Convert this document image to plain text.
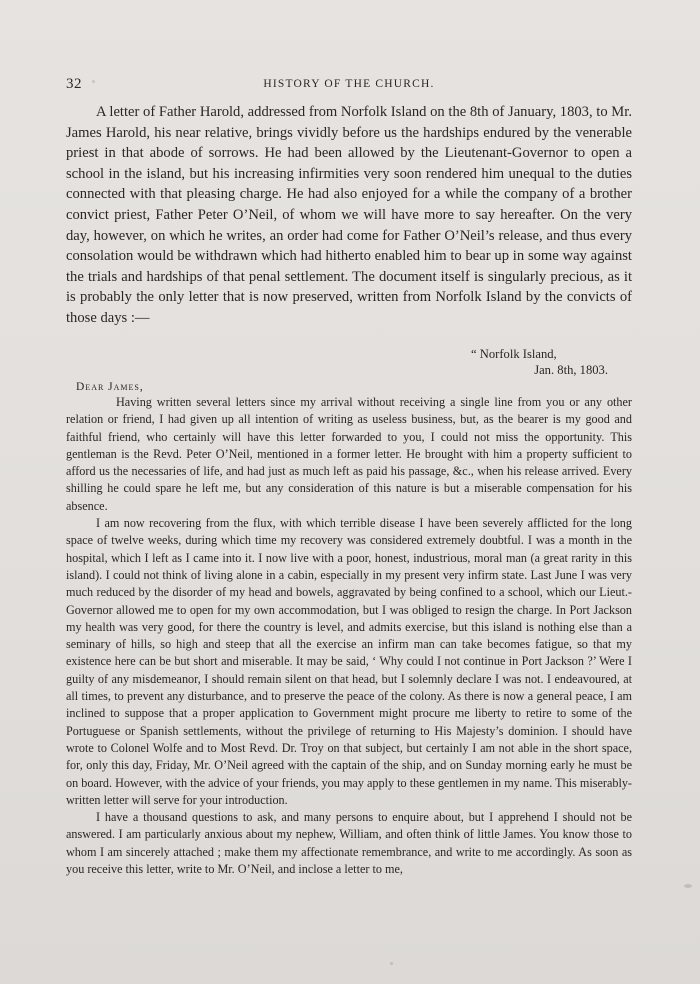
32	HISTORY OF THE CHURCH.

A letter of Father Harold, addressed from Norfolk Island on the 8th of January, 1803, to Mr. James Harold, his near relative, brings vividly before us the hardships endured by the venerable priest in that abode of sorrows. He had been allowed by the Lieutenant-Governor to open a school in the island, but his increasing infirmities very soon rendered him unequal to the duties connected with that pleasing charge. He had also enjoyed for a while the company of a brother convict priest, Father Peter O’Neil, of whom we will have more to say hereafter. On the very day, however, on which he writes, an order had come for Father O’Neil’s release, and thus every consolation would be withdrawn which had hitherto enabled him to bear up in some way against the trials and hardships of that penal settlement. The document itself is singularly precious, as it is probably the only letter that is now preserved, written from Norfolk Island by the convicts of those days :—

“ Norfolk Island,
Jan. 8th, 1803.
Dear James,

Having written several letters since my arrival without receiving a single line from you or any other relation or friend, I had given up all intention of writing as useless business, but, as the bearer is my good and faithful friend, who certainly will have this letter forwarded to you, I could not miss the opportunity. This gentleman is the Revd. Peter O’Neil, mentioned in a former letter. He brought with him a property sufficient to afford us the necessaries of life, and had just as much left as paid his passage, &c., when his release arrived. Every shilling he could spare he left me, but any consideration of this nature is but a miserable compensation for his absence.

I am now recovering from the flux, with which terrible disease I have been severely afflicted for the long space of twelve weeks, during which time my recovery was considered extremely doubtful. I was a month in the hospital, which I left as I came into it. I now live with a poor, honest, industrious, moral man (a great rarity in this island). I could not think of living alone in a cabin, especially in my present very infirm state. Last June I was very much reduced by the disorder of my head and bowels, aggravated by being confined to a school, which our Lieut.-Governor allowed me to open for my own accommodation, but I was obliged to resign the charge. In Port Jackson my health was very good, for there the country is level, and admits exercise, but this island is nothing else than a seminary of hills, so high and steep that all the exercise an infirm man can take becomes fatigue, so that my existence here can be but short and miserable. It may be said, ‘ Why could I not continue in Port Jackson ?’ Were I guilty of any misdemeanor, I should remain silent on that head, but I solemnly declare I was not. I endeavoured, at all times, to prevent any disturbance, and to preserve the peace of the colony. As there is now a general peace, I am inclined to suppose that a proper application to Government might procure me liberty to retire to some of the Portuguese or Spanish settlements, without the privilege of returning to His Majesty’s dominion. I should have wrote to Colonel Wolfe and to Most Revd. Dr. Troy on that subject, but certainly I am not able in the short space, for, only this day, Friday, Mr. O’Neil agreed with the captain of the ship, and on Sunday morning early he must be on board. However, with the advice of your friends, you may apply to these gentlemen in my name. This miserably-written letter will serve for your introduction.

I have a thousand questions to ask, and many persons to enquire about, but I apprehend I should not be answered. I am particularly anxious about my nephew, William, and often think of little James. You know those to whom I am sincerely attached ; make them my affectionate remembrance, and write to me accordingly. As soon as you receive this letter, write to Mr. O’Neil, and inclose a letter to me,
